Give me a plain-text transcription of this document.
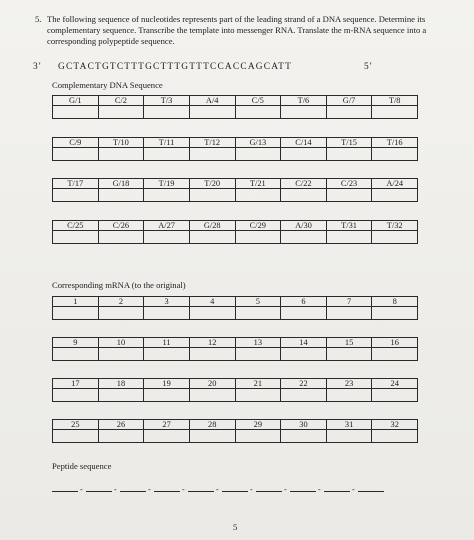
5. The following sequence of nucleotides represents part of the leading strand of a DNA sequence. Determine its complementary sequence. Transcribe the template into messenger RNA. Translate the m-RNA sequence into a corresponding polypeptide sequence.
3' GCTACTGTCTTTGCTTTGTTTCCACCAGCATT	5'
Complementary DNA Sequence
G/1	C/2	T/3	A/4	C/5	T/6	G/7	T/8

C/9	T/10	T/11	T/12	G/13	C/14	T/15	T/16

T/17	G/18	T/19	T/20	T/21	C/22	C/23	A/24

C/25	C/26	A/27	G/28	C/29	A/30	T/31	T/32

Corresponding mRNA (to the original)
1	2	3	4	5	6	7	8

9	10	11	12	13	14	15	16

17	18	19	20	21	22	23	24

25	26	27	28	29	30	31	32

Peptide sequence
-	-	-	-	-	-	-	-	-
5
